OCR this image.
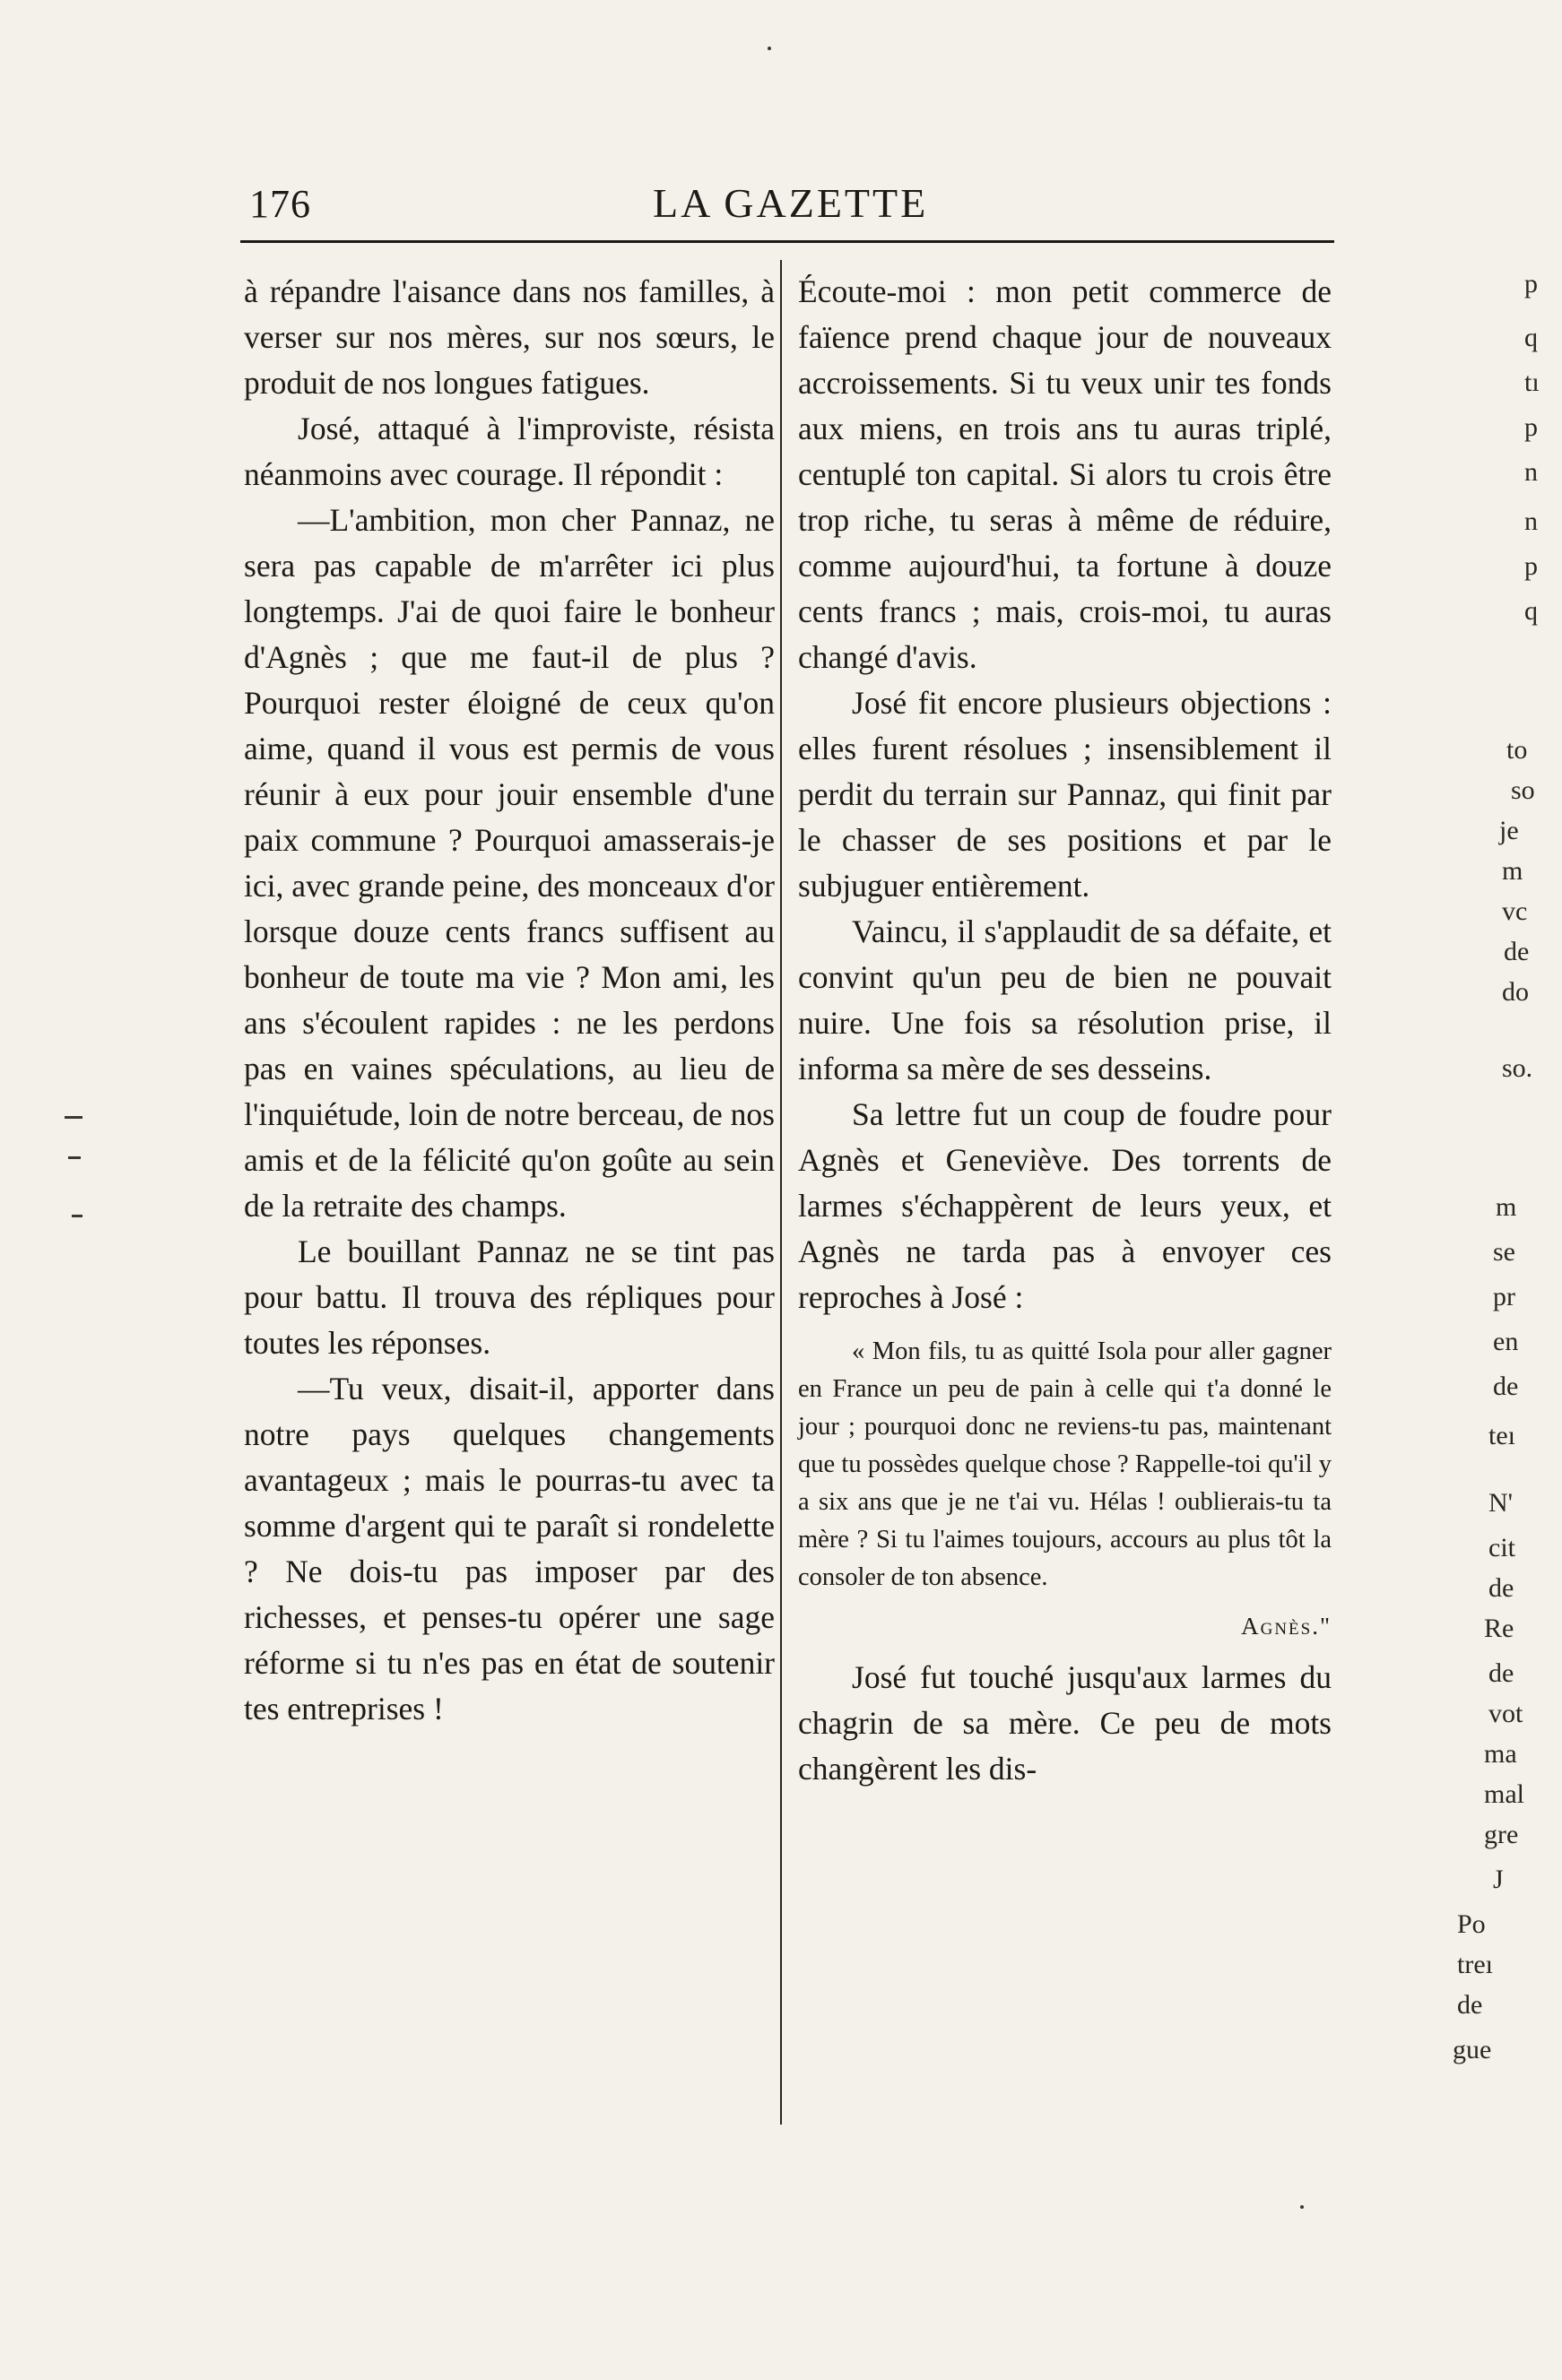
176	LA GAZETTE

à répandre l'aisance dans nos familles, à verser sur nos mères, sur nos sœurs, le produit de nos longues fatigues.

José, attaqué à l'improviste, résista néanmoins avec courage. Il répondit :

—L'ambition, mon cher Pannaz, ne sera pas capable de m'arrêter ici plus longtemps. J'ai de quoi faire le bonheur d'Agnès ; que me faut-il de plus ? Pourquoi rester éloigné de ceux qu'on aime, quand il vous est permis de vous réunir à eux pour jouir ensemble d'une paix commune ? Pourquoi amasserais-je ici, avec grande peine, des monceaux d'or lorsque douze cents francs suffisent au bonheur de toute ma vie ? Mon ami, les ans s'écoulent rapides : ne les perdons pas en vaines spéculations, au lieu de l'inquiétude, loin de notre berceau, de nos amis et de la félicité qu'on goûte au sein de la retraite des champs.

Le bouillant Pannaz ne se tint pas pour battu. Il trouva des répliques pour toutes les réponses.

—Tu veux, disait-il, apporter dans notre pays quelques changements avantageux ; mais le pourras-tu avec ta somme d'argent qui te paraît si rondelette ? Ne dois-tu pas imposer par des richesses, et penses-tu opérer une sage réforme si tu n'es pas en état de soutenir tes entreprises !

Écoute-moi : mon petit commerce de faïence prend chaque jour de nouveaux accroissements. Si tu veux unir tes fonds aux miens, en trois ans tu auras triplé, centuplé ton capital. Si alors tu crois être trop riche, tu seras à même de réduire, comme aujourd'hui, ta fortune à douze cents francs ; mais, crois-moi, tu auras changé d'avis.

José fit encore plusieurs objections : elles furent résolues ; insensiblement il perdit du terrain sur Pannaz, qui finit par le chasser de ses positions et par le subjuguer entièrement.

Vaincu, il s'applaudit de sa défaite, et convint qu'un peu de bien ne pouvait nuire. Une fois sa résolution prise, il informa sa mère de ses desseins.

Sa lettre fut un coup de foudre pour Agnès et Geneviève. Des torrents de larmes s'échappèrent de leurs yeux, et Agnès ne tarda pas à envoyer ces reproches à José :

« Mon fils, tu as quitté Isola pour aller gagner en France un peu de pain à celle qui t'a donné le jour ; pourquoi donc ne reviens-tu pas, maintenant que tu possèdes quelque chose ? Rappelle-toi qu'il y a six ans que je ne t'ai vu. Hélas ! oublierais-tu ta mère ? Si tu l'aimes toujours, accours au plus tôt la consoler de ton absence.

Agnès."

José fut touché jusqu'aux larmes du chagrin de sa mère. Ce peu de mots changèrent les dis-

p
q
tı
p
n
n
p
q
to
so
je
m
vc
de
do
so.
m
se
pr
en
de
teı
N'
cit
de
Re
de
vot
ma
mal
gre
J
Po
treı
de
gue
